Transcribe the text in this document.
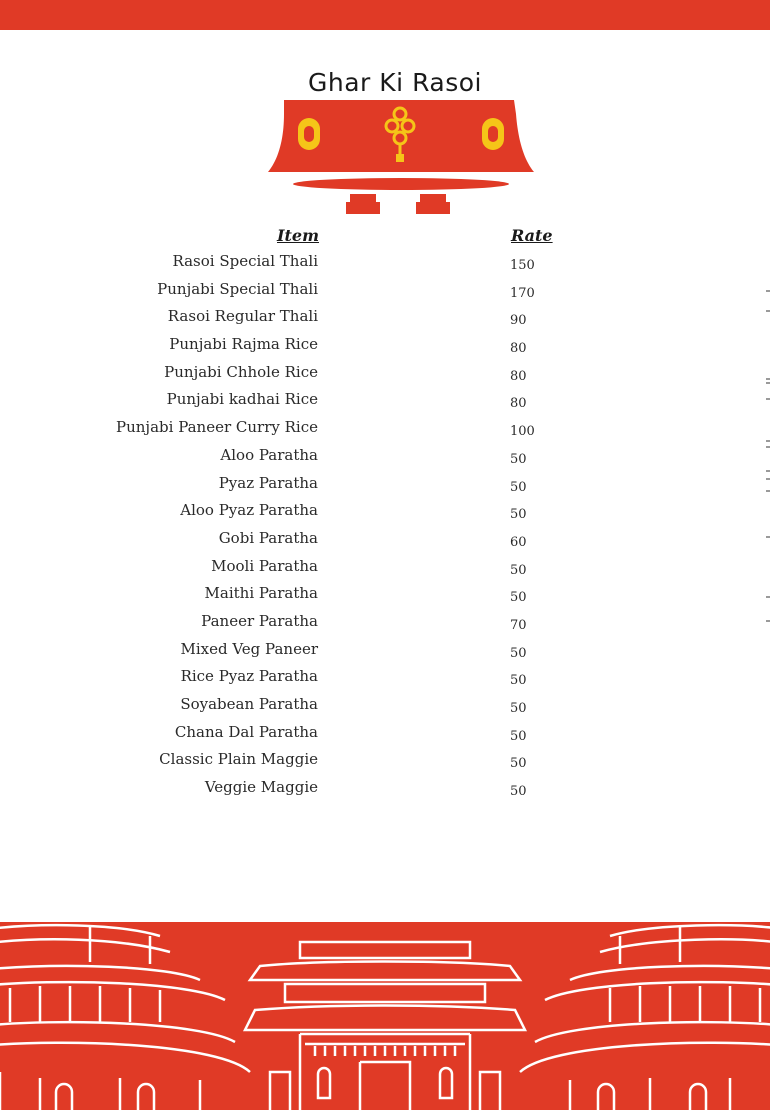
Ghar Ki Rasoi
Item	Rate
Rasoi Special Thali	150
Punjabi Special Thali	170
Rasoi Regular Thali	90
Punjabi Rajma Rice	80
Punjabi Chhole Rice	80
Punjabi kadhai Rice	80
Punjabi Paneer Curry Rice	100
Aloo Paratha	50
Pyaz Paratha	50
Aloo Pyaz Paratha	50
Gobi Paratha	60
Mooli Paratha	50
Maithi Paratha	50
Paneer Paratha	70
Mixed Veg Paneer	50
Rice Pyaz Paratha	50
Soyabean Paratha	50
Chana Dal Paratha	50
Classic Plain Maggie	50
Veggie Maggie	50
